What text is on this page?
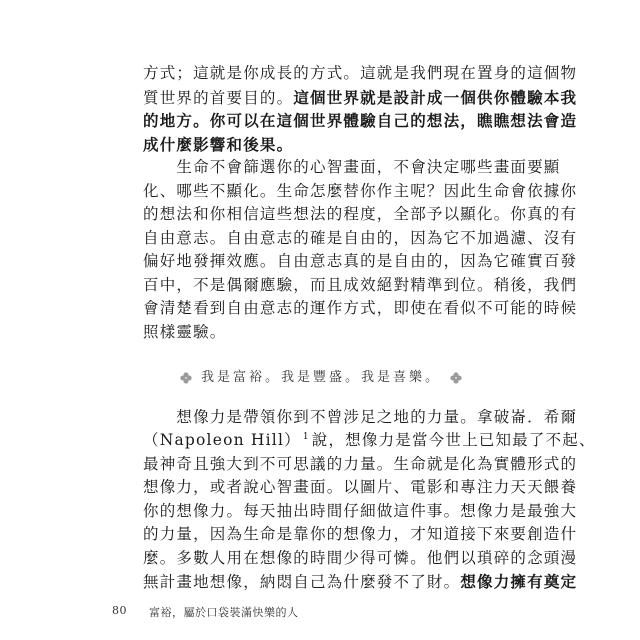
方式；這就是你成長的方式。這就是我們現在置身的這個物
質世界的首要目的。這個世界就是設計成一個供你體驗本我
的地方。你可以在這個世界體驗自己的想法，瞧瞧想法會造
成什麼影響和後果。
　　生命不會篩選你的心智畫面，不會決定哪些畫面要顯
化、哪些不顯化。生命怎麼替你作主呢？因此生命會依據你
的想法和你相信這些想法的程度，全部予以顯化。你真的有
自由意志。自由意志的確是自由的，因為它不加過濾、沒有
偏好地發揮效應。自由意志真的是自由的，因為它確實百發
百中，不是偶爾應驗，而且成效絕對精準到位。稍後，我們
會清楚看到自由意志的運作方式，即使在看似不可能的時候
照樣靈驗。
我是富裕。我是豐盛。我是喜樂。
　　想像力是帶領你到不曾涉足之地的力量。拿破崙．希爾
（Napoleon Hill） $^1$ 說，想像力是當今世上已知最了不起、
最神奇且強大到不可思議的力量。生命就是化為實體形式的
想像力，或者說心智畫面。以圖片、電影和專注力天天餵養
你的想像力。每天抽出時間仔細做這件事。想像力是最強大
的力量，因為生命是靠你的想像力，才知道接下來要創造什
麼。多數人用在想像的時間少得可憐。他們以瑣碎的念頭漫
無計畫地想像，納悶自己為什麼發不了財。想像力擁有奠定
80 富裕，屬於口袋裝滿快樂的人
